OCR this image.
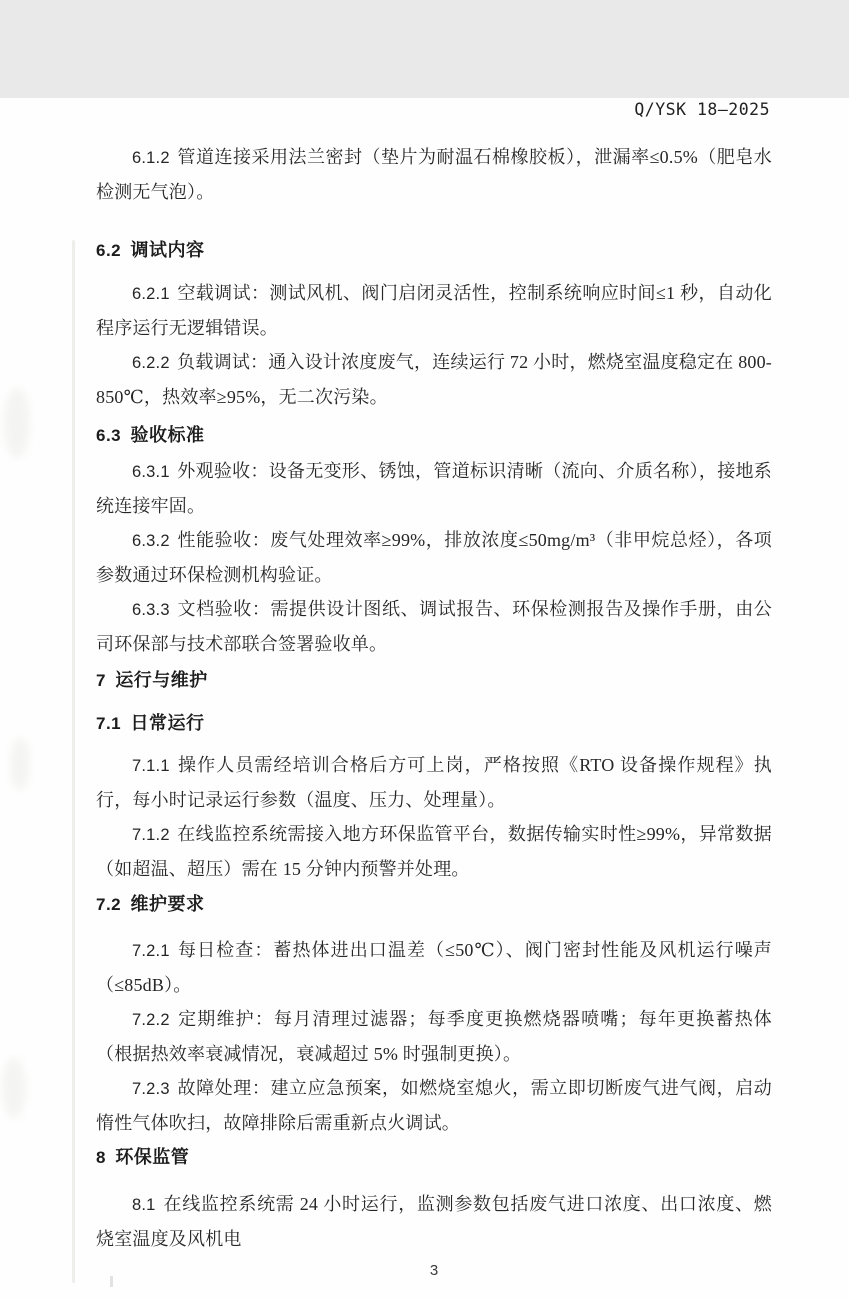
Q/YSK 18—2025

6.1.2 管道连接采用法兰密封（垫片为耐温石棉橡胶板），泄漏率≤0.5%（肥皂水检测无气泡）。

6.2 调试内容

6.2.1 空载调试：测试风机、阀门启闭灵活性，控制系统响应时间≤1 秒，自动化程序运行无逻辑错误。

6.2.2 负载调试：通入设计浓度废气，连续运行 72 小时，燃烧室温度稳定在 800-850℃，热效率≥95%，无二次污染。

6.3 验收标准

6.3.1 外观验收：设备无变形、锈蚀，管道标识清晰（流向、介质名称），接地系统连接牢固。

6.3.2 性能验收：废气处理效率≥99%，排放浓度≤50mg/m³（非甲烷总烃），各项参数通过环保检测机构验证。

6.3.3 文档验收：需提供设计图纸、调试报告、环保检测报告及操作手册，由公司环保部与技术部联合签署验收单。

7 运行与维护
7.1 日常运行

7.1.1 操作人员需经培训合格后方可上岗，严格按照《RTO 设备操作规程》执行，每小时记录运行参数（温度、压力、处理量）。

7.1.2 在线监控系统需接入地方环保监管平台，数据传输实时性≥99%，异常数据（如超温、超压）需在 15 分钟内预警并处理。

7.2 维护要求

7.2.1 每日检查：蓄热体进出口温差（≤50℃）、阀门密封性能及风机运行噪声（≤85dB）。

7.2.2 定期维护：每月清理过滤器；每季度更换燃烧器喷嘴；每年更换蓄热体（根据热效率衰减情况，衰减超过 5% 时强制更换）。

7.2.3 故障处理：建立应急预案，如燃烧室熄火，需立即切断废气进气阀，启动惰性气体吹扫，故障排除后需重新点火调试。

8 环保监管

8.1 在线监控系统需 24 小时运行，监测参数包括废气进口浓度、出口浓度、燃烧室温度及风机电

3
